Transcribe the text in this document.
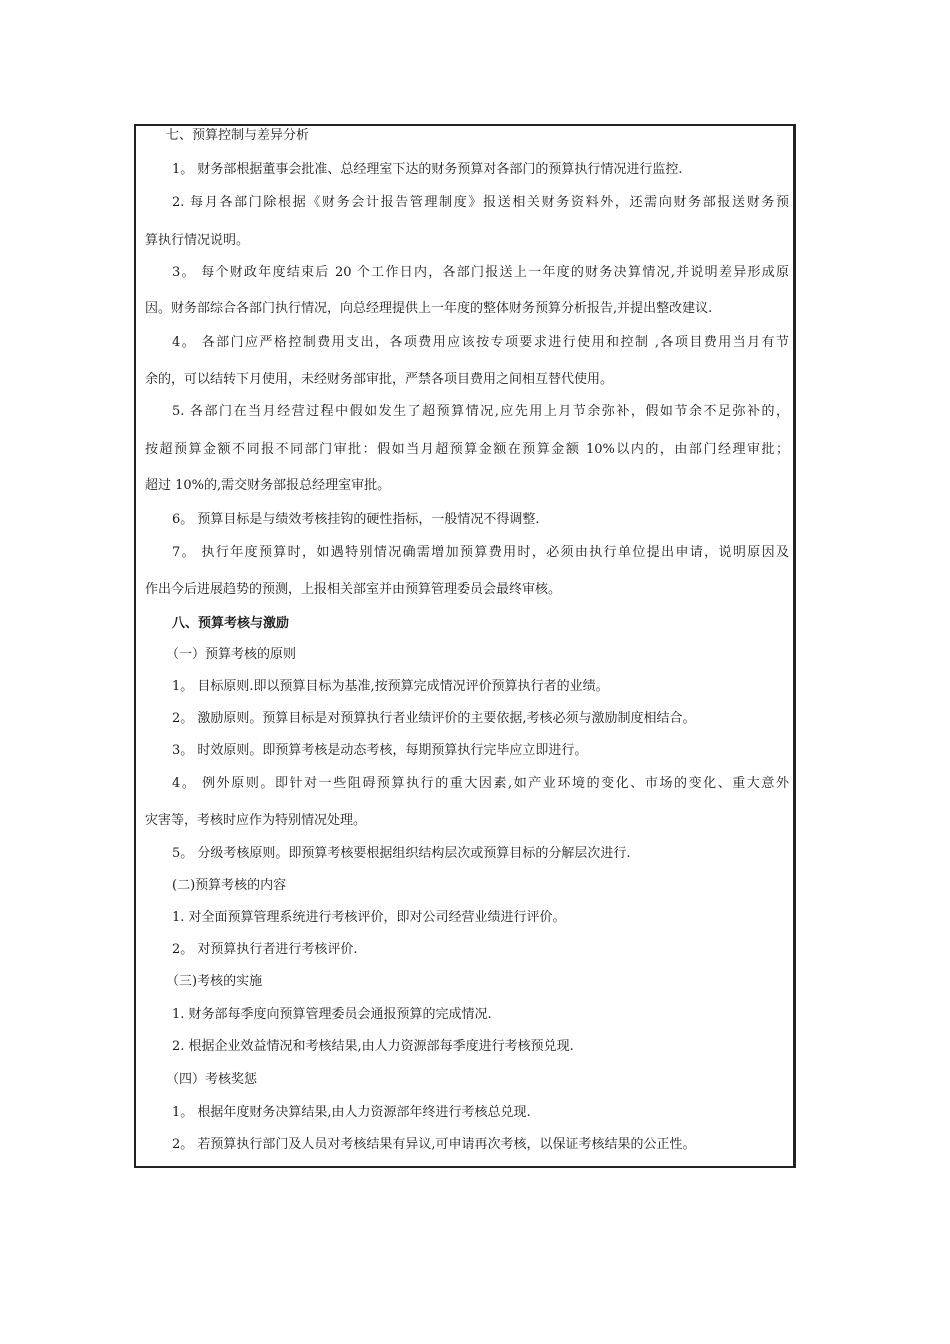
七、预算控制与差异分析
1。 财务部根据董事会批准、总经理室下达的财务预算对各部门的预算执行情况进行监控.
2. 每月各部门除根据《财务会计报告管理制度》报送相关财务资料外，还需向财务部报送财务预
算执行情况说明。
3。 每个财政年度结束后 20 个工作日内，各部门报送上一年度的财务决算情况,并说明差异形成原
因。财务部综合各部门执行情况，向总经理提供上一年度的整体财务预算分析报告,并提出整改建议.
4。 各部门应严格控制费用支出，各项费用应该按专项要求进行使用和控制 ,各项目费用当月有节
余的，可以结转下月使用，未经财务部审批，严禁各项目费用之间相互替代使用。
5. 各部门在当月经营过程中假如发生了超预算情况,应先用上月节余弥补，假如节余不足弥补的，
按超预算金额不同报不同部门审批：假如当月超预算金额在预算金额 10%以内的，由部门经理审批；
超过 10%的,需交财务部报总经理室审批。
6。 预算目标是与绩效考核挂钩的硬性指标，一般情况不得调整.
7。 执行年度预算时，如遇特别情况确需增加预算费用时，必须由执行单位提出申请，说明原因及
作出今后进展趋势的预测，上报相关部室并由预算管理委员会最终审核。
八、预算考核与激励
（一）预算考核的原则
1。 目标原则.即以预算目标为基准,按预算完成情况评价预算执行者的业绩。
2。 激励原则。预算目标是对预算执行者业绩评价的主要依据,考核必须与激励制度相结合。
3。 时效原则。即预算考核是动态考核，每期预算执行完毕应立即进行。
4。 例外原则。即针对一些阻碍预算执行的重大因素,如产业环境的变化、市场的变化、重大意外
灾害等，考核时应作为特别情况处理。
5。 分级考核原则。即预算考核要根据组织结构层次或预算目标的分解层次进行.
(二)预算考核的内容
1. 对全面预算管理系统进行考核评价，即对公司经营业绩进行评价。
2。 对预算执行者进行考核评价.
（三)考核的实施
1. 财务部每季度向预算管理委员会通报预算的完成情况.
2. 根据企业效益情况和考核结果,由人力资源部每季度进行考核预兑现.
（四）考核奖惩
1。 根据年度财务决算结果,由人力资源部年终进行考核总兑现.
2。 若预算执行部门及人员对考核结果有异议,可申请再次考核，以保证考核结果的公正性。
